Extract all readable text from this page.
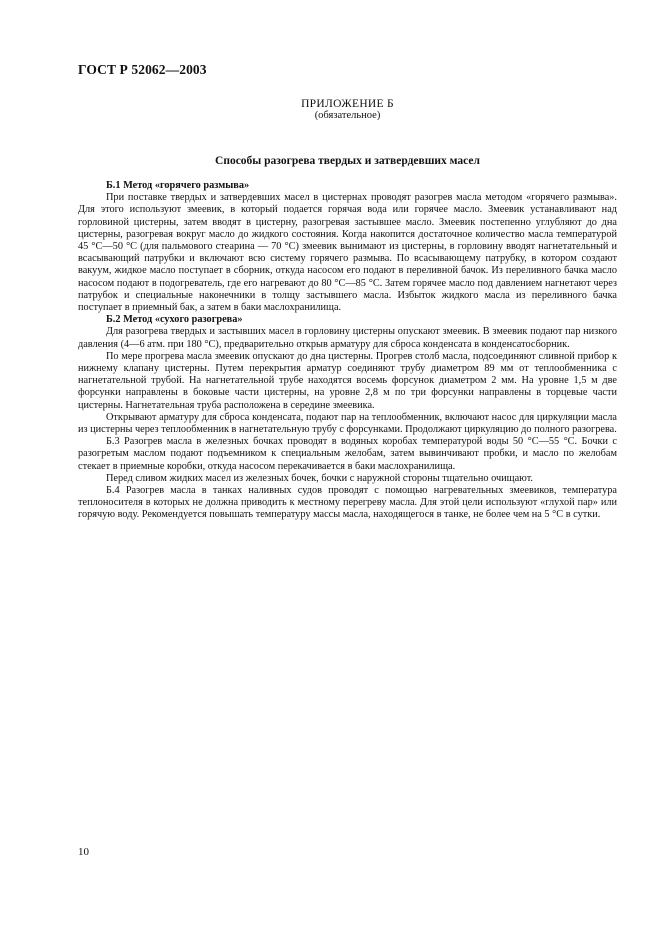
ГОСТ Р 52062—2003
ПРИЛОЖЕНИЕ Б
(обязательное)
Способы разогрева твердых и затвердевших масел

Б.1 Метод «горячего размыва»

При поставке твердых и затвердевших масел в цистернах проводят разогрев масла методом «горячего размыва». Для этого используют змеевик, в который подается горячая вода или горячее масло. Змеевик устанавливают над горловиной цистерны, затем вводят в цистерну, разогревая застывшее масло. Змеевик постепенно углубляют до дна цистерны, разогревая вокруг масло до жидкого состояния. Когда накопится достаточное количество масла температурой 45 °С—50 °С (для пальмового стеарина — 70 °С) змеевик вынимают из цистерны, в горловину вводят нагнетательный и всасывающий патрубки и включают всю систему горячего размыва. По всасывающему патрубку, в котором создают вакуум, жидкое масло поступает в сборник, откуда насосом его подают в переливной бачок. Из переливного бачка масло насосом подают в подогреватель, где его нагревают до 80 °С—85 °С. Затем горячее масло под давлением нагнетают через патрубок и специальные наконечники в толщу застывшего масла. Избыток жидкого масла из переливного бачка поступает в приемный бак, а затем в баки маслохранилища.

Б.2 Метод «сухого разогрева»

Для разогрева твердых и застывших масел в горловину цистерны опускают змеевик. В змеевик подают пар низкого давления (4—6 атм. при 180 °С), предварительно открыв арматуру для сброса конденсата в конденсатосборник.

По мере прогрева масла змеевик опускают до дна цистерны. Прогрев столб масла, подсоединяют сливной прибор к нижнему клапану цистерны. Путем перекрытия арматур соединяют трубу диаметром 89 мм от теплообменника с нагнетательной трубой. На нагнетательной трубе находятся восемь форсунок диаметром 2 мм. На уровне 1,5 м две форсунки направлены в боковые части цистерны, на уровне 2,8 м по три форсунки направлены в торцевые части цистерны. Нагнетательная труба расположена в середине змеевика.

Открывают арматуру для сброса конденсата, подают пар на теплообменник, включают насос для циркуляции масла из цистерны через теплообменник в нагнетательную трубу с форсунками. Продолжают циркуляцию до полного разогрева.

Б.3 Разогрев масла в железных бочках проводят в водяных коробах температурой воды 50 °С—55 °С. Бочки с разогретым маслом подают подъемником к специальным желобам, затем вывинчивают пробки, и масло по желобам стекает в приемные коробки, откуда насосом перекачивается в баки маслохранилища.

Перед сливом жидких масел из железных бочек, бочки с наружной стороны тщательно очищают.

Б.4 Разогрев масла в танках наливных судов проводят с помощью нагревательных змеевиков, температура теплоносителя в которых не должна приводить к местному перегреву масла. Для этой цели используют «глухой пар» или горячую воду. Рекомендуется повышать температуру массы масла, находящегося в танке, не более чем на 5 °С в сутки.

10
